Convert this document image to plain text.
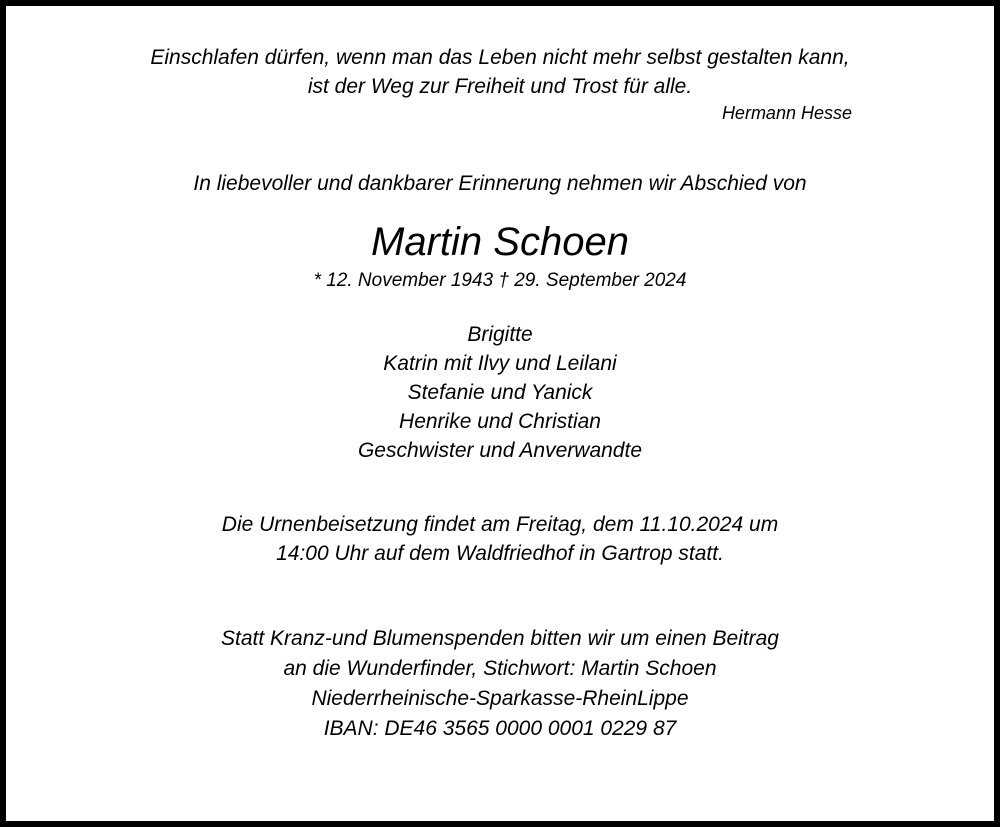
Einschlafen dürfen, wenn man das Leben nicht mehr selbst gestalten kann,
ist der Weg zur Freiheit und Trost für alle.
Hermann Hesse
In liebevoller und dankbarer Erinnerung nehmen wir Abschied von
Martin Schoen
* 12. November 1943 † 29. September 2024
Brigitte
Katrin mit Ilvy und Leilani
Stefanie und Yanick
Henrike und Christian
Geschwister und Anverwandte
Die Urnenbeisetzung findet am Freitag, dem 11.10.2024 um
14:00 Uhr auf dem Waldfriedhof in Gartrop statt.
Statt Kranz-und Blumenspenden bitten wir um einen Beitrag
an die Wunderfinder, Stichwort: Martin Schoen
Niederrheinische-Sparkasse-RheinLippe
IBAN: DE46 3565 0000 0001 0229 87
